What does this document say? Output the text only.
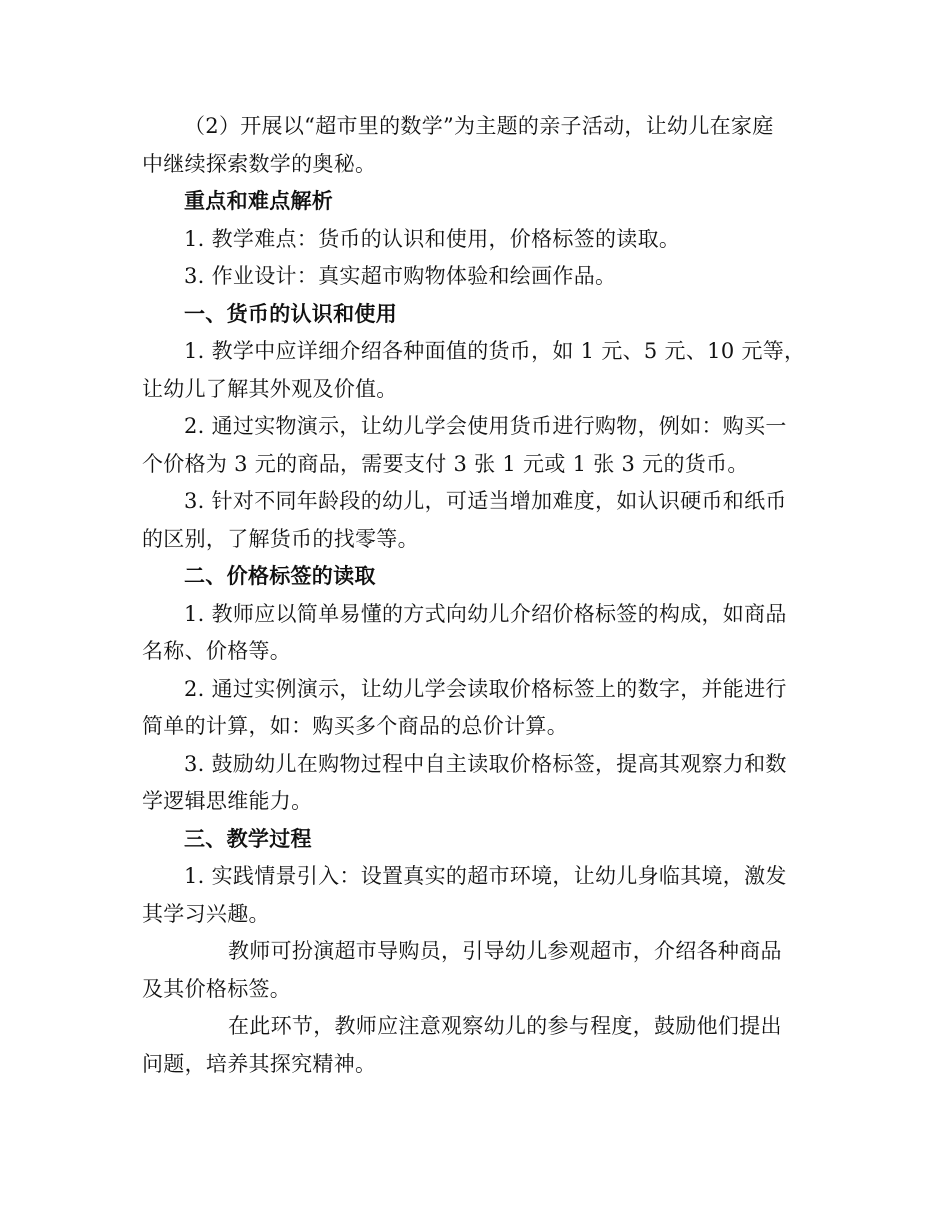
（2）开展以“超市里的数学”为主题的亲子活动，让幼儿在家庭
中继续探索数学的奥秘。
重点和难点解析
1. 教学难点：货币的认识和使用，价格标签的读取。
3. 作业设计：真实超市购物体验和绘画作品。
一、货币的认识和使用
1. 教学中应详细介绍各种面值的货币，如 1 元、5 元、10 元等，
让幼儿了解其外观及价值。
2. 通过实物演示，让幼儿学会使用货币进行购物，例如：购买一
个价格为 3 元的商品，需要支付 3 张 1 元或 1 张 3 元的货币。
3. 针对不同年龄段的幼儿，可适当增加难度，如认识硬币和纸币
的区别，了解货币的找零等。
二、价格标签的读取
1. 教师应以简单易懂的方式向幼儿介绍价格标签的构成，如商品
名称、价格等。
2. 通过实例演示，让幼儿学会读取价格标签上的数字，并能进行
简单的计算，如：购买多个商品的总价计算。
3. 鼓励幼儿在购物过程中自主读取价格标签，提高其观察力和数
学逻辑思维能力。
三、教学过程
1. 实践情景引入：设置真实的超市环境，让幼儿身临其境，激发
其学习兴趣。
教师可扮演超市导购员，引导幼儿参观超市，介绍各种商品
及其价格标签。
在此环节，教师应注意观察幼儿的参与程度，鼓励他们提出
问题，培养其探究精神。
